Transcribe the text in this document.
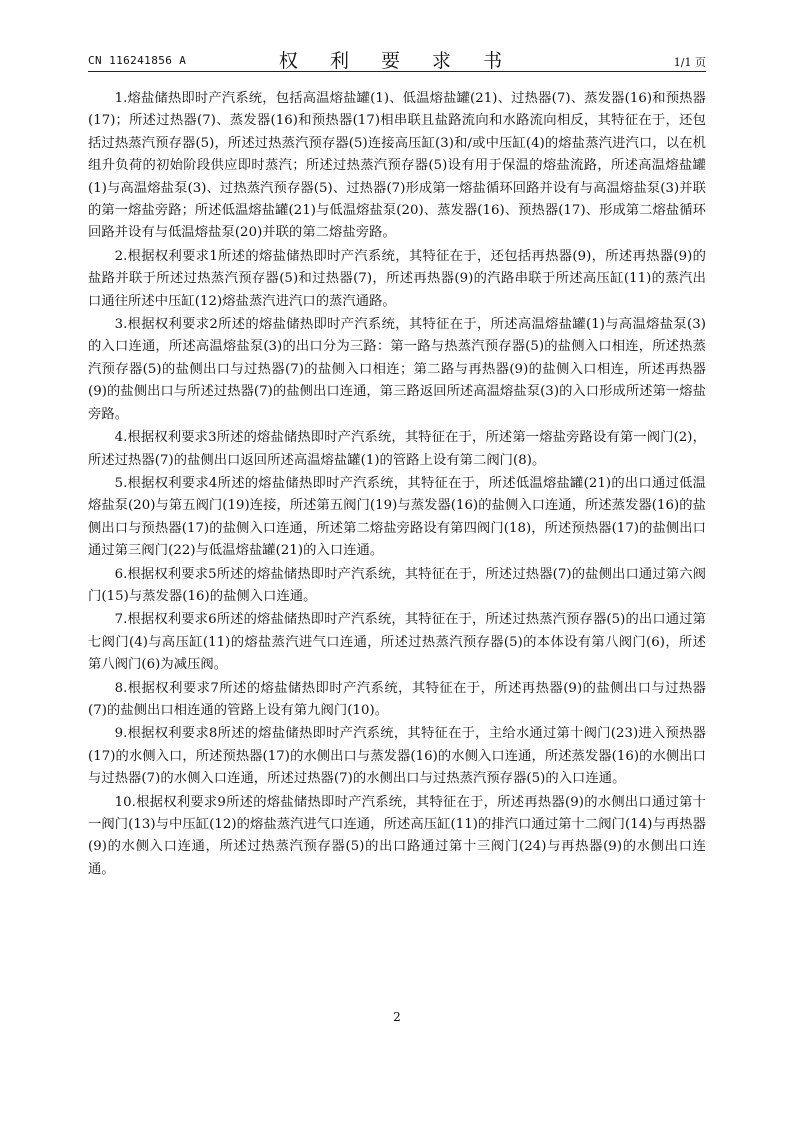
CN 116241856 A	权 利 要 求 书	1/1 页

1.熔盐储热即时产汽系统，包括高温熔盐罐(1)、低温熔盐罐(21)、过热器(7)、蒸发器(16)和预热器(17)；所述过热器(7)、蒸发器(16)和预热器(17)相串联且盐路流向和水路流向相反，其特征在于，还包括过热蒸汽预存器(5)，所述过热蒸汽预存器(5)连接高压缸(3)和/或中压缸(4)的熔盐蒸汽进汽口，以在机组升负荷的初始阶段供应即时蒸汽；所述过热蒸汽预存器(5)设有用于保温的熔盐流路，所述高温熔盐罐(1)与高温熔盐泵(3)、过热蒸汽预存器(5)、过热器(7)形成第一熔盐循环回路并设有与高温熔盐泵(3)并联的第一熔盐旁路；所述低温熔盐罐(21)与低温熔盐泵(20)、蒸发器(16)、预热器(17)、形成第二熔盐循环回路并设有与低温熔盐泵(20)并联的第二熔盐旁路。

2.根据权利要求1所述的熔盐储热即时产汽系统，其特征在于，还包括再热器(9)，所述再热器(9)的盐路并联于所述过热蒸汽预存器(5)和过热器(7)，所述再热器(9)的汽路串联于所述高压缸(11)的蒸汽出口通往所述中压缸(12)熔盐蒸汽进汽口的蒸汽通路。

3.根据权利要求2所述的熔盐储热即时产汽系统，其特征在于，所述高温熔盐罐(1)与高温熔盐泵(3)的入口连通，所述高温熔盐泵(3)的出口分为三路：第一路与热蒸汽预存器(5)的盐侧入口相连，所述热蒸汽预存器(5)的盐侧出口与过热器(7)的盐侧入口相连；第二路与再热器(9)的盐侧入口相连，所述再热器(9)的盐侧出口与所述过热器(7)的盐侧出口连通，第三路返回所述高温熔盐泵(3)的入口形成所述第一熔盐旁路。

4.根据权利要求3所述的熔盐储热即时产汽系统，其特征在于，所述第一熔盐旁路设有第一阀门(2)，所述过热器(7)的盐侧出口返回所述高温熔盐罐(1)的管路上设有第二阀门(8)。

5.根据权利要求4所述的熔盐储热即时产汽系统，其特征在于，所述低温熔盐罐(21)的出口通过低温熔盐泵(20)与第五阀门(19)连接，所述第五阀门(19)与蒸发器(16)的盐侧入口连通，所述蒸发器(16)的盐侧出口与预热器(17)的盐侧入口连通，所述第二熔盐旁路设有第四阀门(18)，所述预热器(17)的盐侧出口通过第三阀门(22)与低温熔盐罐(21)的入口连通。

6.根据权利要求5所述的熔盐储热即时产汽系统，其特征在于，所述过热器(7)的盐侧出口通过第六阀门(15)与蒸发器(16)的盐侧入口连通。

7.根据权利要求6所述的熔盐储热即时产汽系统，其特征在于，所述过热蒸汽预存器(5)的出口通过第七阀门(4)与高压缸(11)的熔盐蒸汽进气口连通，所述过热蒸汽预存器(5)的本体设有第八阀门(6)，所述第八阀门(6)为减压阀。

8.根据权利要求7所述的熔盐储热即时产汽系统，其特征在于，所述再热器(9)的盐侧出口与过热器(7)的盐侧出口相连通的管路上设有第九阀门(10)。

9.根据权利要求8所述的熔盐储热即时产汽系统，其特征在于，主给水通过第十阀门(23)进入预热器(17)的水侧入口，所述预热器(17)的水侧出口与蒸发器(16)的水侧入口连通，所述蒸发器(16)的水侧出口与过热器(7)的水侧入口连通，所述过热器(7)的水侧出口与过热蒸汽预存器(5)的入口连通。

10.根据权利要求9所述的熔盐储热即时产汽系统，其特征在于，所述再热器(9)的水侧出口通过第十一阀门(13)与中压缸(12)的熔盐蒸汽进气口连通，所述高压缸(11)的排汽口通过第十二阀门(14)与再热器(9)的水侧入口连通，所述过热蒸汽预存器(5)的出口路通过第十三阀门(24)与再热器(9)的水侧出口连通。

2
